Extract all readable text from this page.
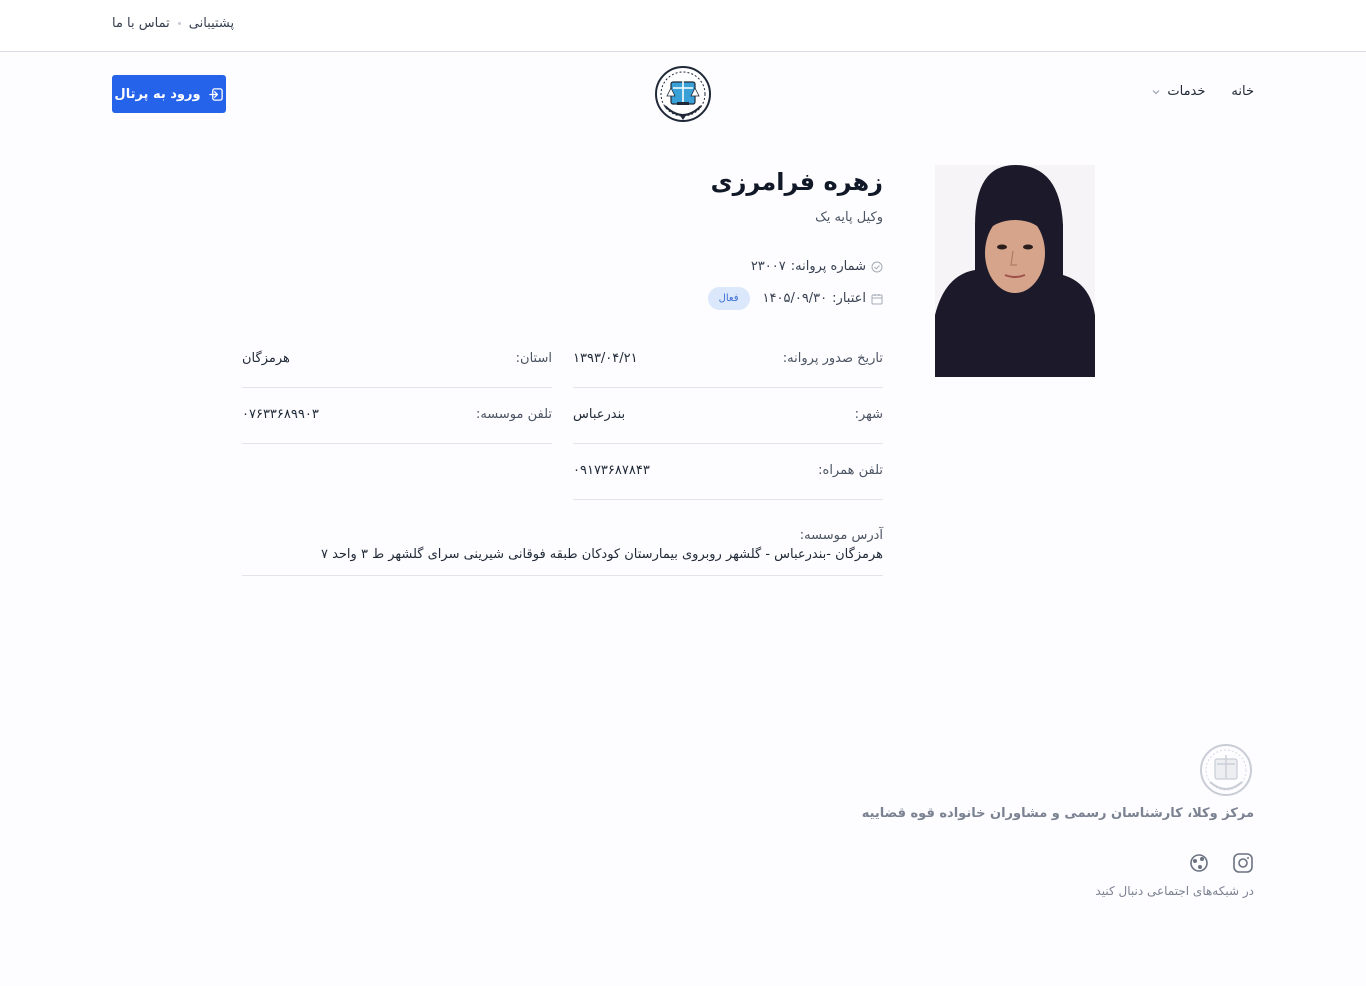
پشتیبانی
تماس با ما
خانه
خدمات
ورود به پرتال
زهره فرامرزی
وکیل پایه یک
شماره پروانه:
۲۳۰۰۷
اعتبار:
۱۴۰۵/۰۹/۳۰
فعال
تاریخ صدور پروانه:
۱۳۹۳/۰۴/۲۱
استان:
هرمزگان
شهر:
بندرعباس
تلفن موسسه:
۰۷۶۳۳۶۸۹۹۰۳
تلفن همراه:
۰۹۱۷۳۶۸۷۸۴۳
آدرس موسسه:
هرمزگان -بندرعباس - گلشهر روبروی بیمارستان کودکان طبقه فوقانی شیرینی سرای گلشهر ط ۳ واحد ۷
مرکز وکلا، کارشناسان رسمی و مشاوران خانواده قوه قضاییه
در شبکه‌های اجتماعی دنبال کنید
